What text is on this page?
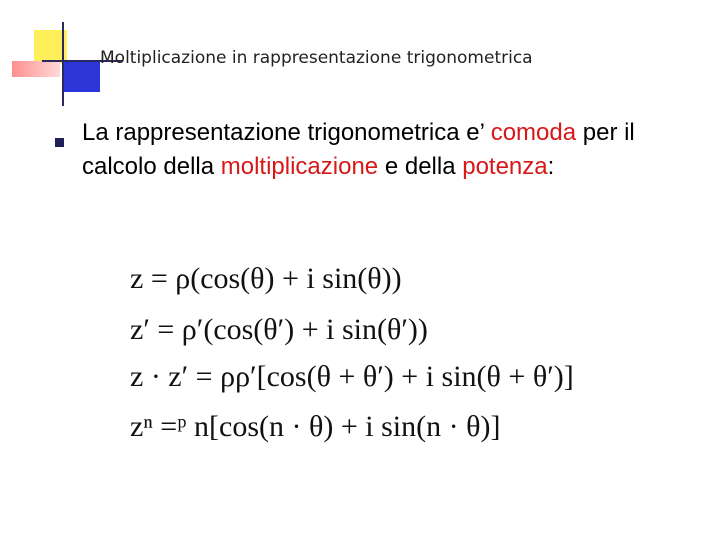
Moltiplicazione in rappresentazione trigonometrica
La rappresentazione trigonometrica e’ comoda per il calcolo della moltiplicazione e della potenza:
z = ρ(cos(θ) + i sin(θ))
z′ = ρ′(cos(θ′) + i sin(θ′))
z · z′ = ρρ′[cos(θ + θ′) + i sin(θ + θ′)]
zⁿ =ᵖ n[cos(n · θ) + i sin(n · θ)]
